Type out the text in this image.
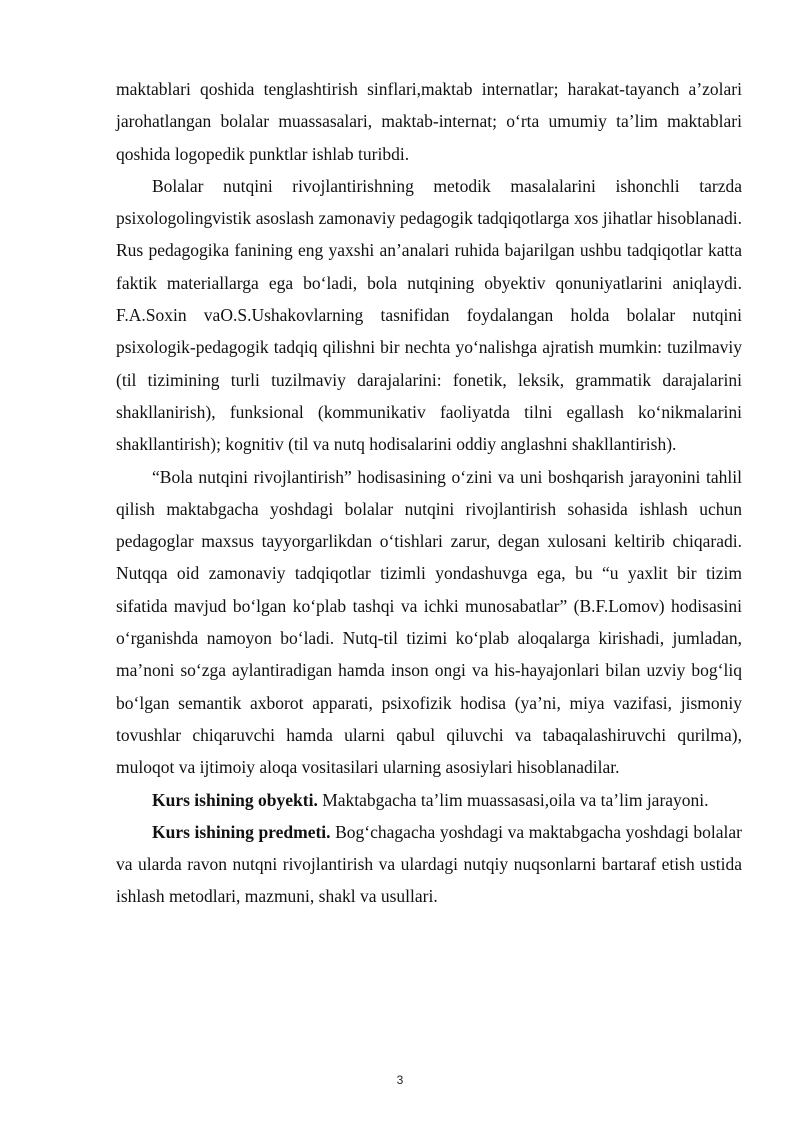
maktablari qoshida tenglashtirish sinflari,maktab internatlar; harakat-tayanch a’zolari jarohatlangan bolalar muassasalari, maktab-internat; o‘rta umumiy ta’lim maktablari qoshida logopedik punktlar ishlab turibdi.

Bolalar nutqini rivojlantirishning metodik masalalarini ishonchli tarzda psixologolingvistik asoslash zamonaviy pedagogik tadqiqotlarga xos jihatlar hisoblanadi. Rus pedagogika fanining eng yaxshi an’analari ruhida bajarilgan ushbu tadqiqotlar katta faktik materiallarga ega bo‘ladi, bola nutqining obyektiv qonuniyatlarini aniqlaydi. F.A.Soxin vaO.S.Ushakovlarning tasnifidan foydalangan holda bolalar nutqini psixologik-pedagogik tadqiq qilishni bir nechta yo‘nalishga ajratish mumkin: tuzilmaviy (til tizimining turli tuzilmaviy darajalarini: fonetik, leksik, grammatik darajalarini shakllanirish), funksional (kommunikativ faoliyatda tilni egallash ko‘nikmalarini shakllantirish); kognitiv (til va nutq hodisalarini oddiy anglashni shakllantirish).

“Bola nutqini rivojlantirish” hodisasining o‘zini va uni boshqarish jarayonini tahlil qilish maktabgacha yoshdagi bolalar nutqini rivojlantirish sohasida ishlash uchun pedagoglar maxsus tayyorgarlikdan o‘tishlari zarur, degan xulosani keltirib chiqaradi. Nutqqa oid zamonaviy tadqiqotlar tizimli yondashuvga ega, bu “u yaxlit bir tizim sifatida mavjud bo‘lgan ko‘plab tashqi va ichki munosabatlar” (B.F.Lomov) hodisasini o‘rganishda namoyon bo‘ladi. Nutq-til tizimi ko‘plab aloqalarga kirishadi, jumladan, ma’noni so‘zga aylantiradigan hamda inson ongi va his-hayajonlari bilan uzviy bog‘liq bo‘lgan semantik axborot apparati, psixofizik hodisa (ya’ni, miya vazifasi, jismoniy tovushlar chiqaruvchi hamda ularni qabul qiluvchi va tabaqalashiruvchi qurilma), muloqot va ijtimoiy aloqa vositasilari ularning asosiylari hisoblanadilar.

Kurs ishining obyekti. Maktabgacha ta’lim muassasasi,oila va ta’lim jarayoni.

Kurs ishining predmeti. Bog‘chagacha yoshdagi va maktabgacha yoshdagi bolalar va ularda ravon nutqni rivojlantirish va ulardagi nutqiy nuqsonlarni bartaraf etish ustida ishlash metodlari, mazmuni, shakl va usullari.

3
